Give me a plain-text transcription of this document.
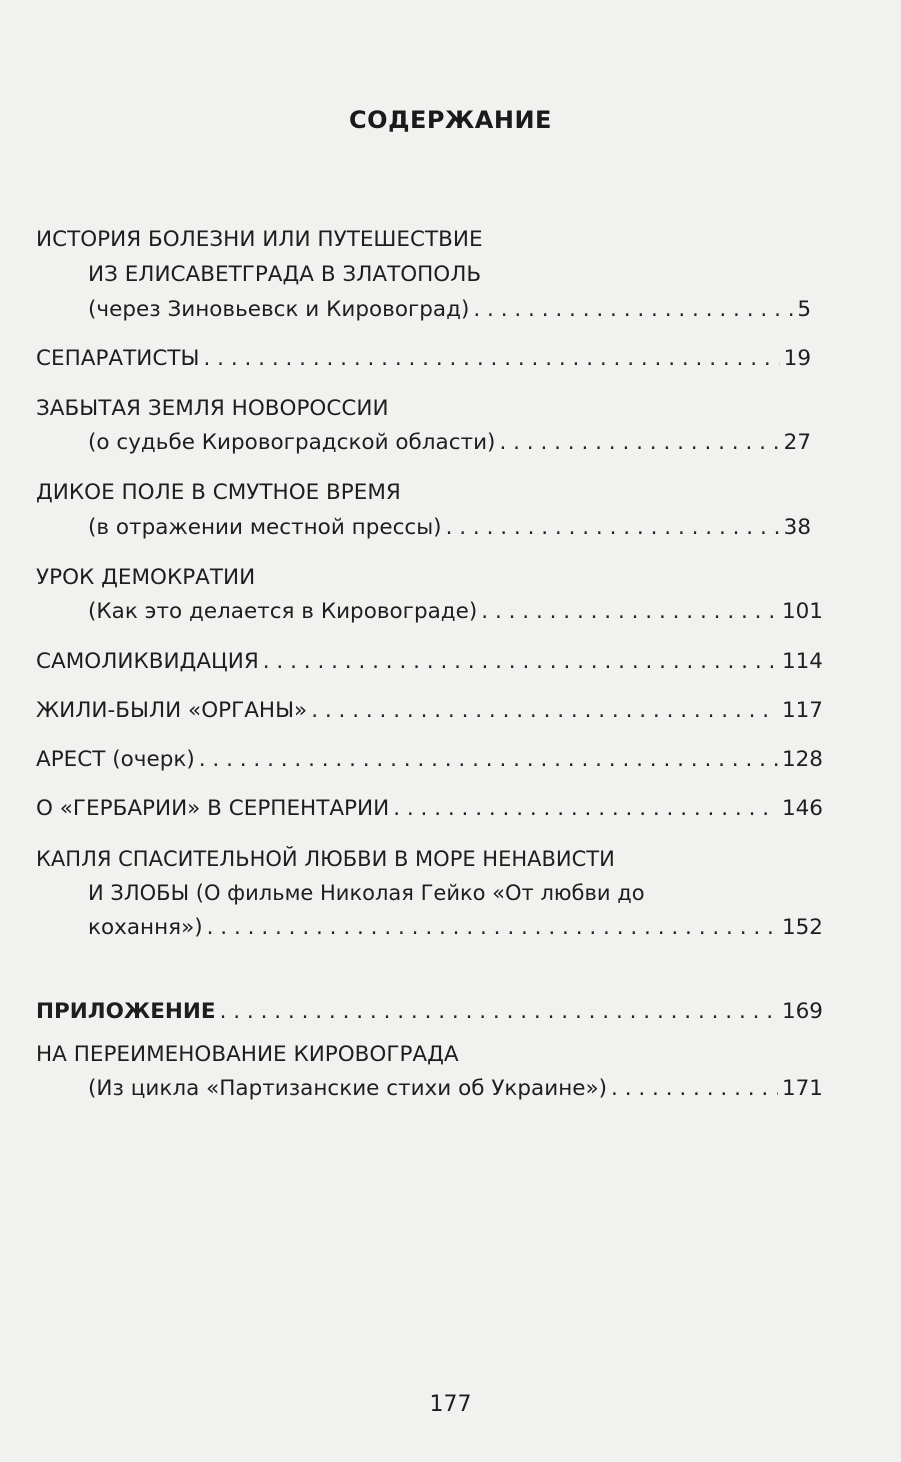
СОДЕРЖАНИЕ
ИСТОРИЯ БОЛЕЗНИ ИЛИ ПУТЕШЕСТВИЕ
ИЗ ЕЛИСАВЕТГРАДА В ЗЛАТОПОЛЬ
(через Зиновьевск и Кировоград) . . .	5
СЕПАРАТИСТЫ . . .	19
ЗАБЫТАЯ ЗЕМЛЯ НОВОРОССИИ
(о судьбе Кировоградской области) . . .	27
ДИКОЕ ПОЛЕ В СМУТНОЕ ВРЕМЯ
(в отражении местной прессы) . . .	38
УРОК ДЕМОКРАТИИ
(Как это делается в Кировограде) . . .	101
САМОЛИКВИДАЦИЯ . . .	114
ЖИЛИ-БЫЛИ «ОРГАНЫ» . . .	117
АРЕСТ (очерк) . . .	128
О «ГЕРБАРИИ» В СЕРПЕНТАРИИ . . .	146
КАПЛЯ СПАСИТЕЛЬНОЙ ЛЮБВИ В МОРЕ НЕНАВИСТИ
И ЗЛОБЫ (О фильме Николая Гейко «От любви до
кохання») . . .	152
ПРИЛОЖЕНИЕ . . .	169
НА ПЕРЕИМЕНОВАНИЕ КИРОВОГРАДА
(Из цикла «Партизанские стихи об Украине») . . .	171
177
